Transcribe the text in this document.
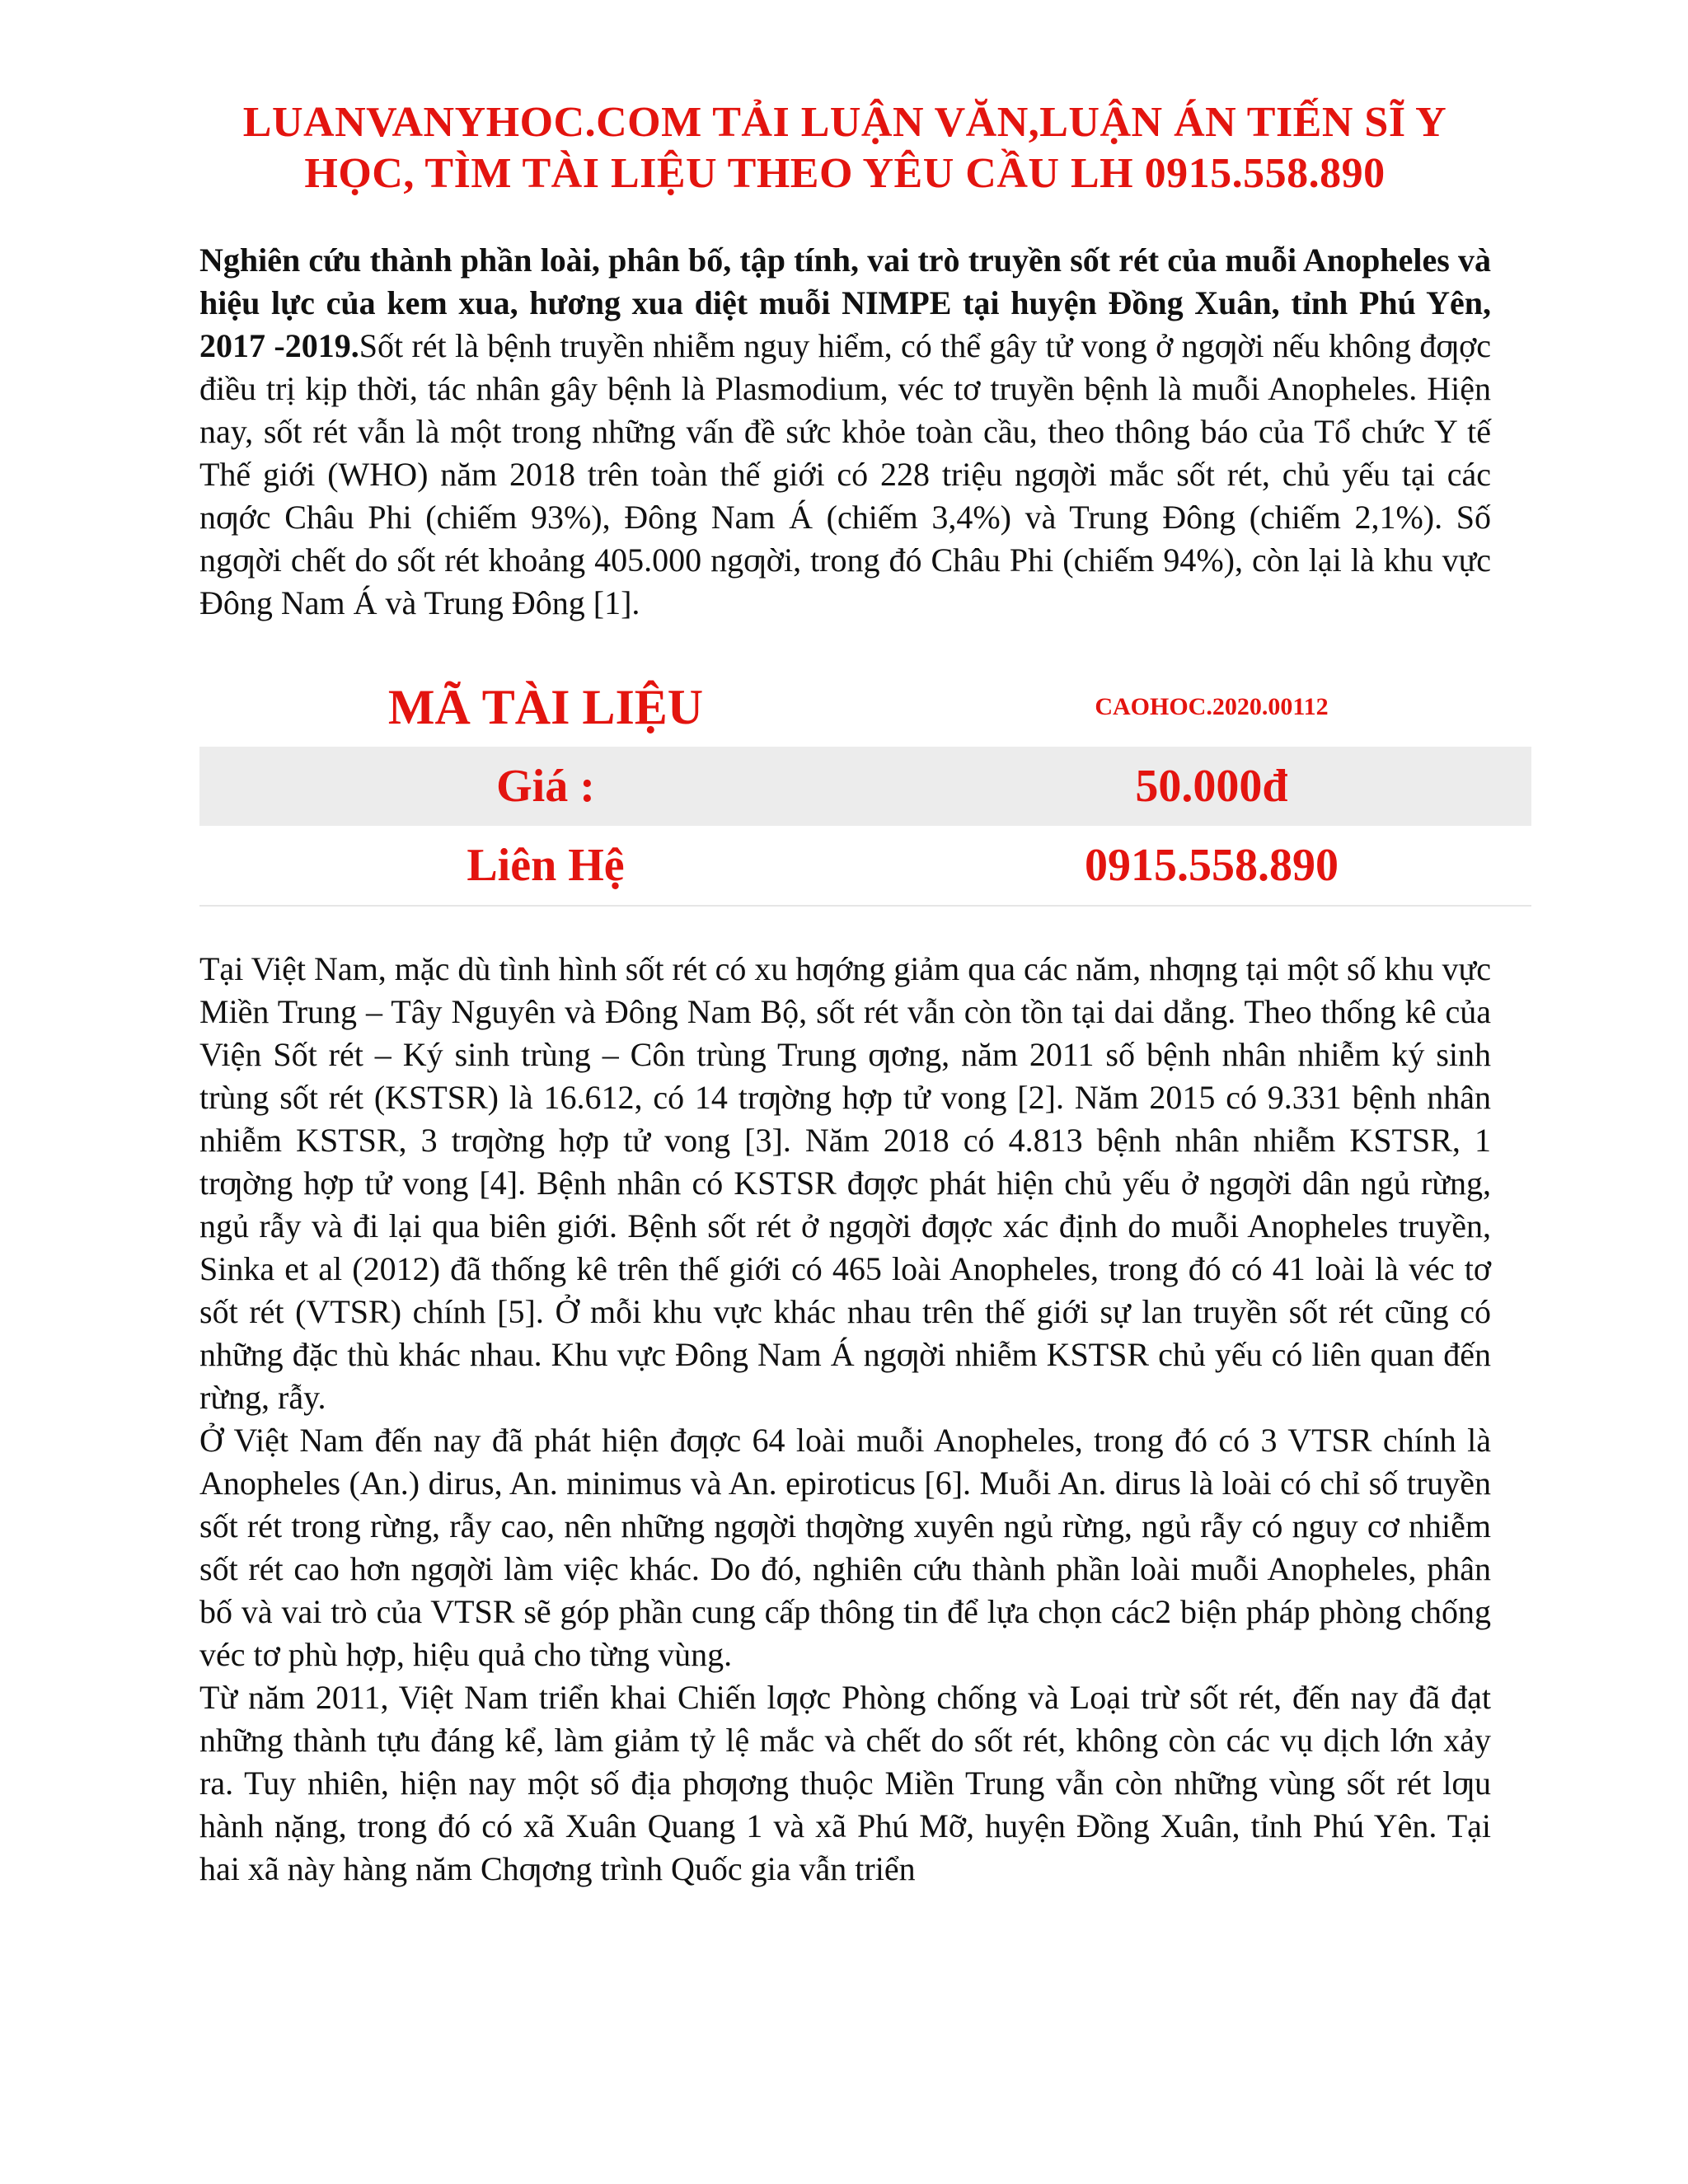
LUANVANYHOC.COM TẢI LUẬN VĂN,LUẬN ÁN TIẾN SĨ Y
HỌC, TÌM TÀI LIỆU THEO YÊU CẦU LH 0915.558.890
Nghiên cứu thành phần loài, phân bố, tập tính, vai trò truyền sốt rét của muỗi Anopheles và hiệu lực của kem xua, hương xua diệt muỗi NIMPE tại huyện Đồng Xuân, tỉnh Phú Yên, 2017 -2019.Sốt rét là bệnh truyền nhiễm nguy hiểm, có thể gây tử vong ở ngƣời nếu không đƣợc điều trị kịp thời, tác nhân gây bệnh là Plasmodium, véc tơ truyền bệnh là muỗi Anopheles. Hiện nay, sốt rét vẫn là một trong những vấn đề sức khỏe toàn cầu, theo thông báo của Tổ chức Y tế Thế giới (WHO) năm 2018 trên toàn thế giới có 228 triệu ngƣời mắc sốt rét, chủ yếu tại các nƣớc Châu Phi (chiếm 93%), Đông Nam Á (chiếm 3,4%) và Trung Đông (chiếm 2,1%). Số ngƣời chết do sốt rét khoảng 405.000 ngƣời, trong đó Châu Phi (chiếm 94%), còn lại là khu vực Đông Nam Á và Trung Đông [1].
MÃ TÀI LIỆU	CAOHOC.2020.00112
Giá :	50.000đ
Liên Hệ	0915.558.890

Tại Việt Nam, mặc dù tình hình sốt rét có xu hƣớng giảm qua các năm, nhƣng tại một số khu vực Miền Trung – Tây Nguyên và Đông Nam Bộ, sốt rét vẫn còn tồn tại dai dẳng. Theo thống kê của Viện Sốt rét – Ký sinh trùng – Côn trùng Trung ƣơng, năm 2011 số bệnh nhân nhiễm ký sinh trùng sốt rét (KSTSR) là 16.612, có 14 trƣờng hợp tử vong [2]. Năm 2015 có 9.331 bệnh nhân nhiễm KSTSR, 3 trƣờng hợp tử vong [3]. Năm 2018 có 4.813 bệnh nhân nhiễm KSTSR, 1 trƣờng hợp tử vong [4]. Bệnh nhân có KSTSR đƣợc phát hiện chủ yếu ở ngƣời dân ngủ rừng, ngủ rẫy và đi lại qua biên giới. Bệnh sốt rét ở ngƣời đƣợc xác định do muỗi Anopheles truyền, Sinka et al (2012) đã thống kê trên thế giới có 465 loài Anopheles, trong đó có 41 loài là véc tơ sốt rét (VTSR) chính [5]. Ở mỗi khu vực khác nhau trên thế giới sự lan truyền sốt rét cũng có những đặc thù khác nhau. Khu vực Đông Nam Á ngƣời nhiễm KSTSR chủ yếu có liên quan đến rừng, rẫy.

Ở Việt Nam đến nay đã phát hiện đƣợc 64 loài muỗi Anopheles, trong đó có 3 VTSR chính là Anopheles (An.) dirus, An. minimus và An. epiroticus [6]. Muỗi An. dirus là loài có chỉ số truyền sốt rét trong rừng, rẫy cao, nên những ngƣời thƣờng xuyên ngủ rừng, ngủ rẫy có nguy cơ nhiễm sốt rét cao hơn ngƣời làm việc khác. Do đó, nghiên cứu thành phần loài muỗi Anopheles, phân bố và vai trò của VTSR sẽ góp phần cung cấp thông tin để lựa chọn các2 biện pháp phòng chống véc tơ phù hợp, hiệu quả cho từng vùng.

Từ năm 2011, Việt Nam triển khai Chiến lƣợc Phòng chống và Loại trừ sốt rét, đến nay đã đạt những thành tựu đáng kể, làm giảm tỷ lệ mắc và chết do sốt rét, không còn các vụ dịch lớn xảy ra. Tuy nhiên, hiện nay một số địa phƣơng thuộc Miền Trung vẫn còn những vùng sốt rét lƣu hành nặng, trong đó có xã Xuân Quang 1 và xã Phú Mỡ, huyện Đồng Xuân, tỉnh Phú Yên. Tại hai xã này hàng năm Chƣơng trình Quốc gia vẫn triển
